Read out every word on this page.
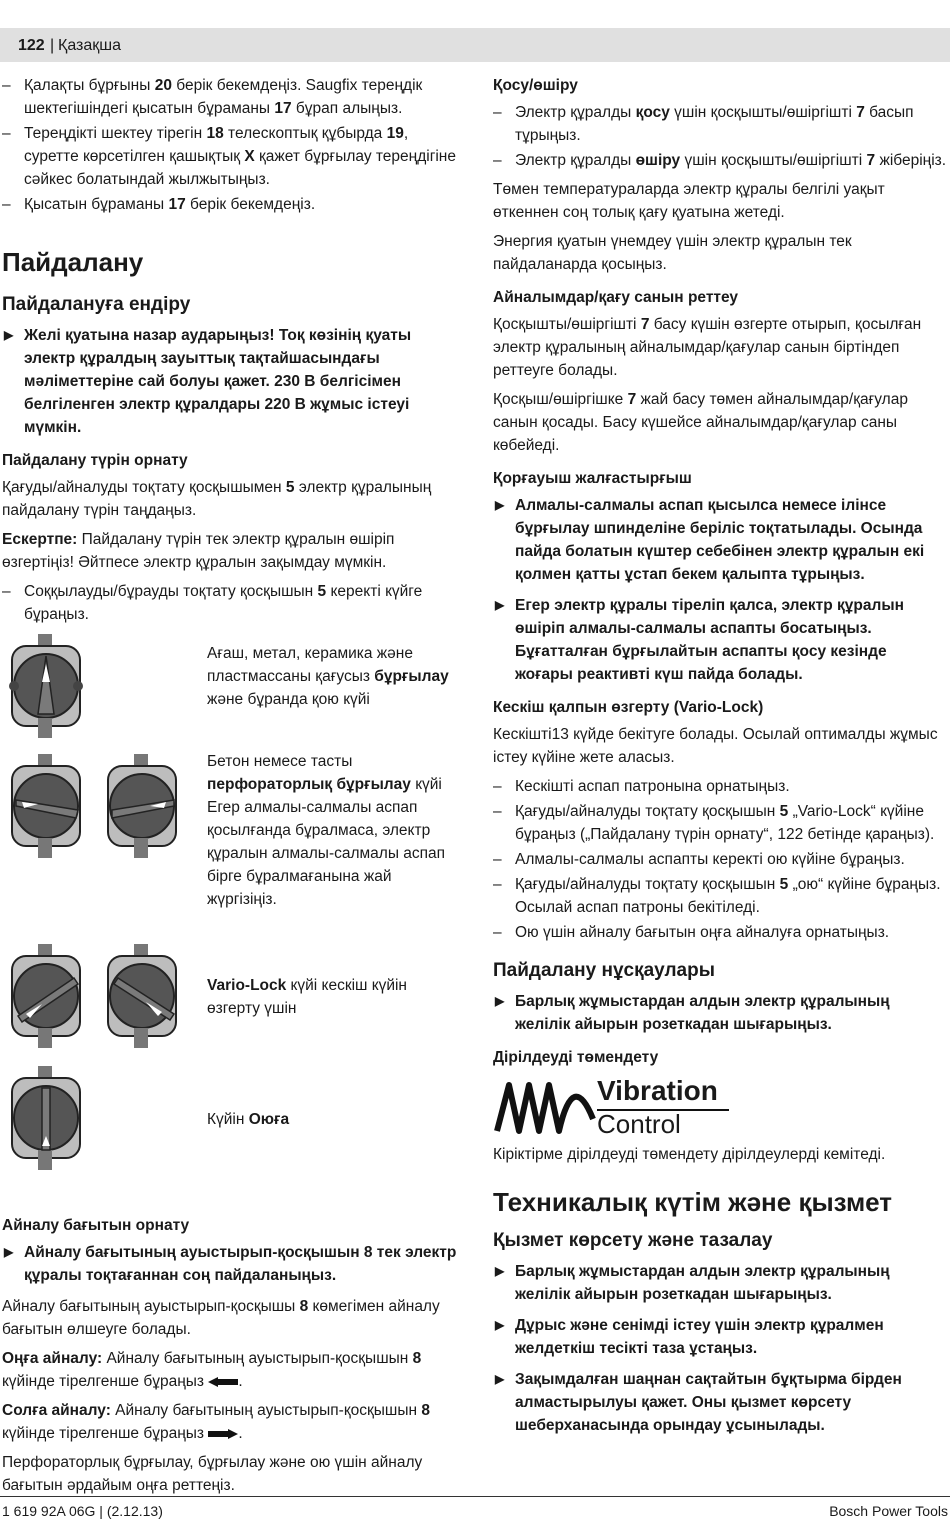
122 | Қазақша
– Қалақты бұрғыны 20 берік бекемдеңіз. Saugfix тереңдік шектегішіндегі қысатын бұраманы 17 бұрап алыңыз.
– Тереңдікті шектеу тірегін 18 телескоптық құбырда 19, суретте көрсетілген қашықтық X қажет бұрғылау тереңдігіне сәйкес болатындай жылжытыңыз.
– Қысатын бұраманы 17 берік бекемдеңіз.
Пайдалану
Пайдалануға ендіру
▶ Желі қуатына назар аударыңыз! Тоқ көзінің қуаты электр құралдың зауыттық тақтайшасындағы мәліметтеріне сай болуы қажет. 230 В белгісімен белгіленген электр құралдары 220 В жұмыс істеуі мүмкін.
Пайдалану түрін орнату

Қағуды/айналуды тоқтату қосқышымен 5 электр құралының пайдалану түрін таңдаңыз.

Ескертпе: Пайдалану түрін тек электр құралын өшіріп өзгертіңіз! Әйтпесе электр құралын зақымдау мүмкін.

– Соққылауды/бұрауды тоқтату қосқышын 5 керекті күйге бұраңыз.
Ағаш, метал, керамика және пластмассаны қағусыз бұрғылау және бұранда қою күйі
Бетон немесе тасты перфораторлық бұрғылау күйі
Егер алмалы-салмалы аспап қосылғанда бұралмаса, электр құралын алмалы-салмалы аспап бірге бұралмағанына жай жүргізіңіз.
Vario-Lock күйі кескіш күйін өзгерту үшін
Күйін Оюға
Айналу бағытын орнату
▶ Айналу бағытының ауыстырып-қосқышын 8 тек электр құралы тоқтағаннан соң пайдаланыңыз.

Айналу бағытының ауыстырып-қосқышы 8 көмегімен айналу бағытын өлшеуге болады.

Оңға айналу: Айналу бағытының ауыстырып-қосқышын 8 күйінде тірелгенше бұраңыз .

Солға айналу: Айналу бағытының ауыстырып-қосқышын 8 күйінде тірелгенше бұраңыз .

Перфораторлық бұрғылау, бұрғылау және ою үшін айналу бағытын әрдайым оңға реттеңіз.

Қосу/өшіру
– Электр құралды қосу үшін қосқышты/өшіргішті 7 басып тұрыңыз.
– Электр құралды өшіру үшін қосқышты/өшіргішті 7 жіберіңіз.

Төмен температураларда электр құралы белгілі уақыт өткеннен соң толық қағу қуатына жетеді.

Энергия қуатын үнемдеу үшін электр құралын тек пайдаланарда қосыңыз.

Айналымдар/қағу санын реттеу

Қосқышты/өшіргішті 7 басу күшін өзгерте отырып, қосылған электр құралының айналымдар/қағулар санын біртіндеп реттеуге болады.

Қосқыш/өшіргішке 7 жай басу төмен айналымдар/қағулар санын қосады. Басу күшейсе айналымдар/қағулар саны көбейеді.

Қорғауыш жалғастырғыш
▶ Алмалы-салмалы аспап қысылса немесе ілінсе бұрғылау шпинделіне беріліс тоқтатылады. Осында пайда болатын күштер себебінен электр құралын екі қолмен қатты ұстап бекем қалыпта тұрыңыз.
▶ Егер электр құралы тіреліп қалса, электр құралын өшіріп алмалы-салмалы аспапты босатыңыз. Бұғатталған бұрғылайтын аспапты қосу кезінде жоғары реактивті күш пайда болады.
Кескіш қалпын өзгерту (Vario-Lock)

Кескішті13 күйде бекітуге болады. Осылай оптималды жұмыс істеу күйіне жете аласыз.

– Кескішті аспап патронына орнатыңыз.
– Қағуды/айналуды тоқтату қосқышын 5 „Vario-Lock“ күйіне бұраңыз („Пайдалану түрін орнату“, 122 бетінде қараңыз).
– Алмалы-салмалы аспапты керекті ою күйіне бұраңыз.
– Қағуды/айналуды тоқтату қосқышын 5 „ою“ күйіне бұраңыз. Осылай аспап патроны бекітіледі.
– Ою үшін айналу бағытын оңға айналуға орнатыңыз.
Пайдалану нұсқаулары
▶ Барлық жұмыстардан алдын электр құралының желілік айырын розеткадан шығарыңыз.
Дірілдеуді төмендету
Vibration
Control

Кіріктірме дірілдеуді төмендету дірілдеулерді кемітеді.

Техникалық күтім және қызмет
Қызмет көрсету және тазалау
▶ Барлық жұмыстардан алдын электр құралының желілік айырын розеткадан шығарыңыз.
▶ Дұрыс және сенімді істеу үшін электр құралмен желдеткіш тесікті таза ұстаңыз.
▶ Зақымдалған шаңнан сақтайтын бұқтырма бірден алмастырылуы қажет. Оны қызмет көрсету шеберханасында орындау ұсынылады.
1 619 92A 06G | (2.12.13)	Bosch Power Tools
